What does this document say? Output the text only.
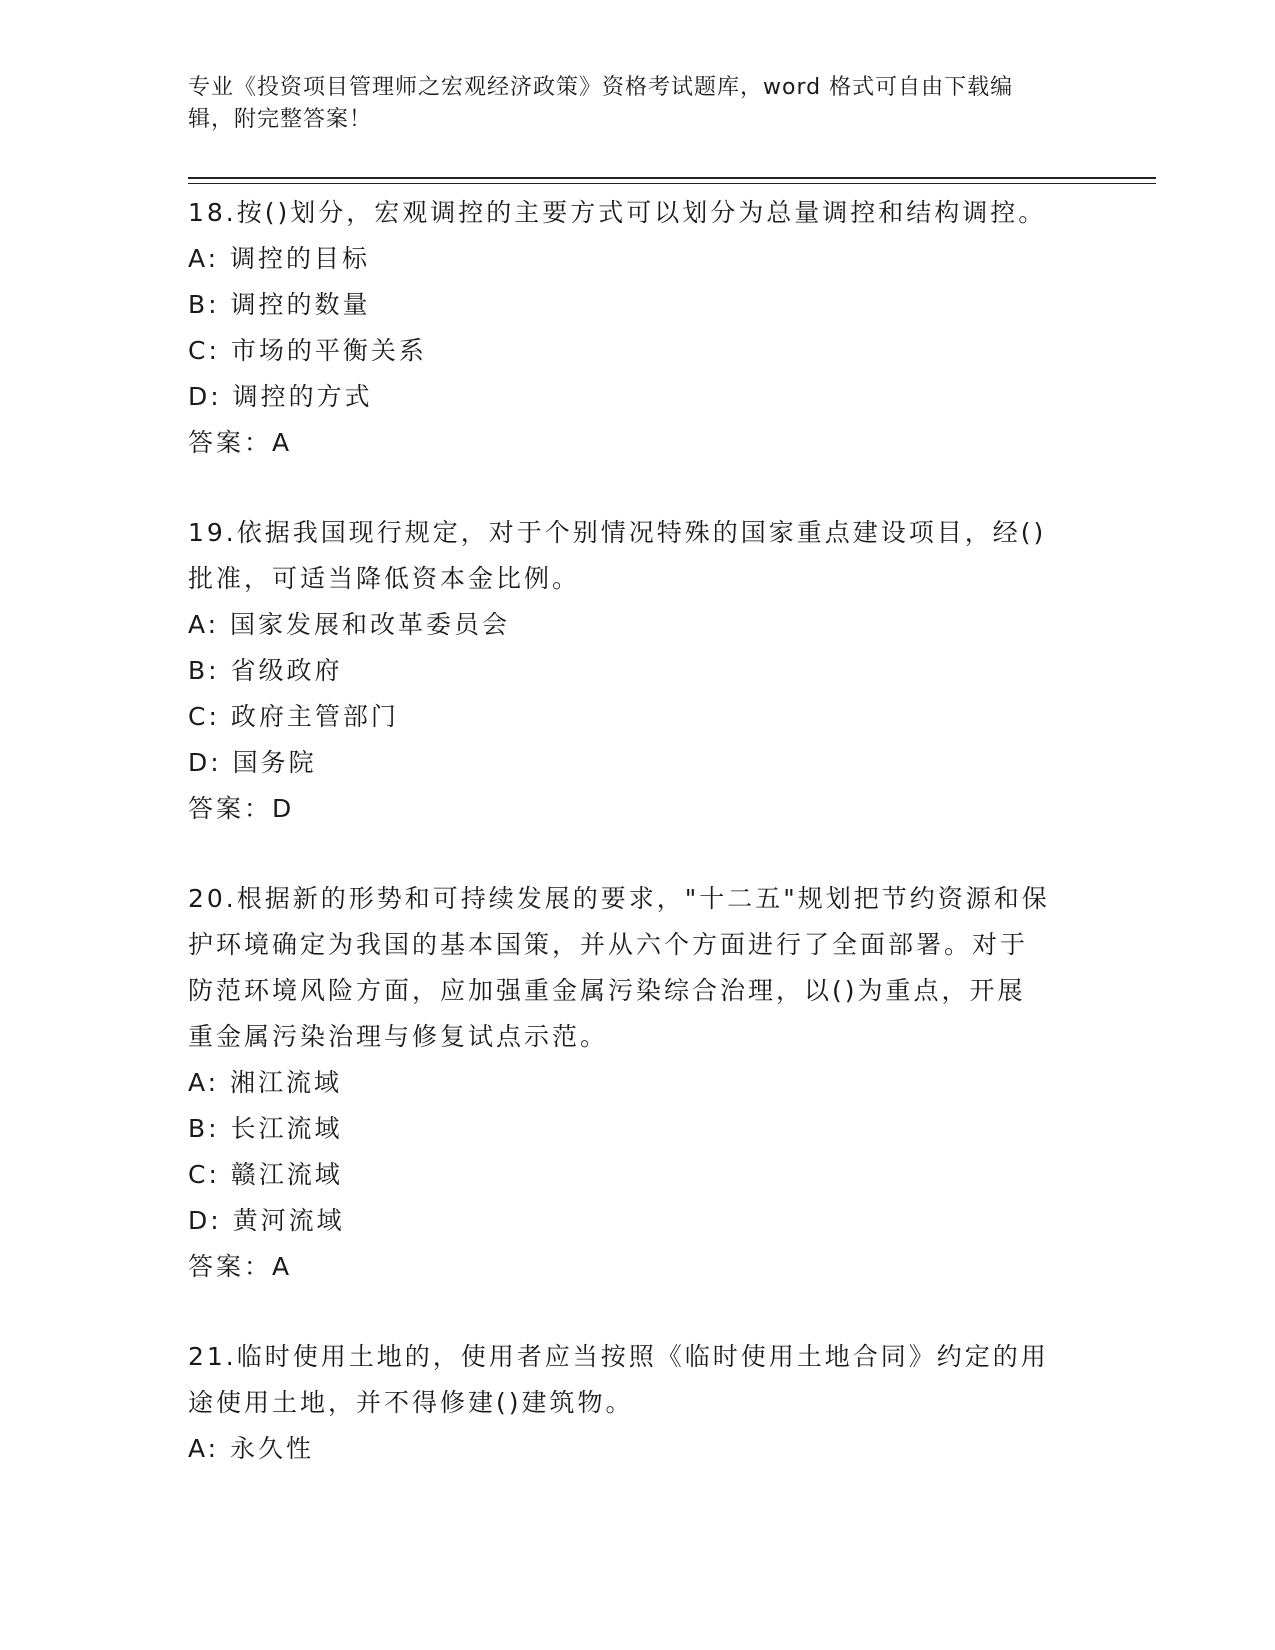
专业《投资项目管理师之宏观经济政策》资格考试题库，word 格式可自由下载编
辑，附完整答案！
18.按()划分，宏观调控的主要方式可以划分为总量调控和结构调控。
A: 调控的目标
B: 调控的数量
C: 市场的平衡关系
D: 调控的方式
答案：A
19.依据我国现行规定，对于个别情况特殊的国家重点建设项目，经()
批准，可适当降低资本金比例。
A: 国家发展和改革委员会
B: 省级政府
C: 政府主管部门
D: 国务院
答案：D
20.根据新的形势和可持续发展的要求，"十二五"规划把节约资源和保
护环境确定为我国的基本国策，并从六个方面进行了全面部署。对于
防范环境风险方面，应加强重金属污染综合治理，以()为重点，开展
重金属污染治理与修复试点示范。
A: 湘江流域
B: 长江流域
C: 赣江流域
D: 黄河流域
答案：A
21.临时使用土地的，使用者应当按照《临时使用土地合同》约定的用
途使用土地，并不得修建()建筑物。
A: 永久性
